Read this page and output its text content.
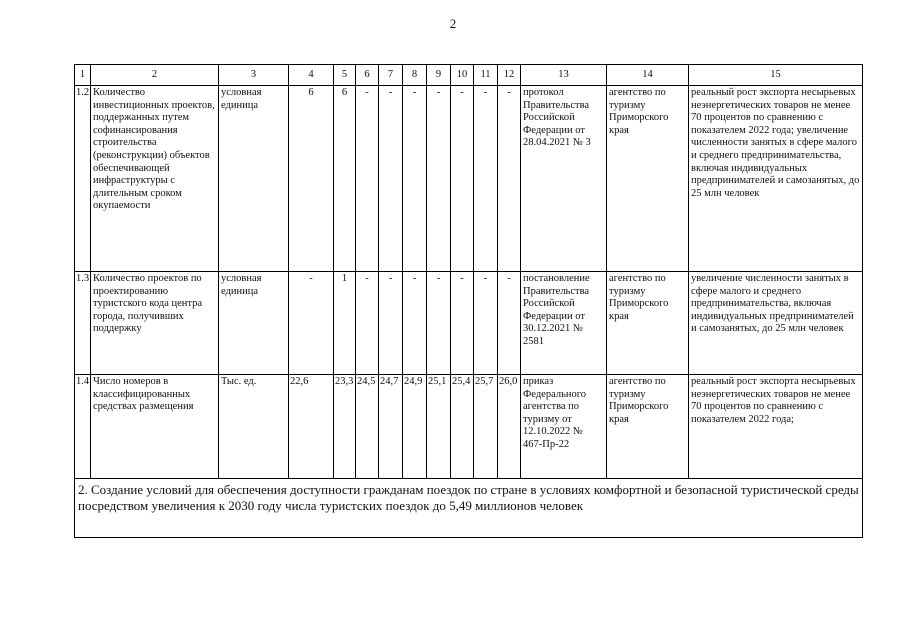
2
1	2	3	4	5	6	7	8	9	10	11	12	13	14	15
1.2	Количество инвестиционных проектов, поддержанных путем софинансирования строительства (реконструкции) объектов обеспечивающей инфраструктуры с длительным сроком окупаемости	условная единица	6	6	-	-	-	-	-	-	-	протокол Правительства Российской Федерации от 28.04.2021 № 3	агентство по туризму Приморского края	реальный рост экспорта несырьевых неэнергетических товаров не менее 70 процентов по сравнению с показателем 2022 года; увеличение численности занятых в сфере малого и среднего предпринимательства, включая индивидуальных предпринимателей и самозанятых, до 25 млн человек
1.3	Количество проектов по проектированию туристского кода центра города, получивших поддержку	условная единица	-	1	-	-	-	-	-	-	-	постановление Правительства Российской Федерации от 30.12.2021 № 2581	агентство по туризму Приморского края	увеличение численности занятых в сфере малого и среднего предпринимательства, включая индивидуальных предпринимателей и самозанятых, до 25 млн человек
1.4	Число номеров в классифицированных средствах размещения	Тыс. ед.	22,6	23,3	24,5	24,7	24,9	25,1	25,4	25,7	26,0	приказ Федерального агентства по туризму от 12.10.2022 № 467-Пр-22	агентство по туризму Приморского края	реальный рост экспорта несырьевых неэнергетических товаров не менее 70 процентов по сравнению с показателем 2022 года;
2. Создание условий для обеспечения доступности гражданам поездок по стране в условиях комфортной и безопасной туристической среды посредством увеличения к 2030 году числа туристских поездок до 5,49 миллионов человек														
